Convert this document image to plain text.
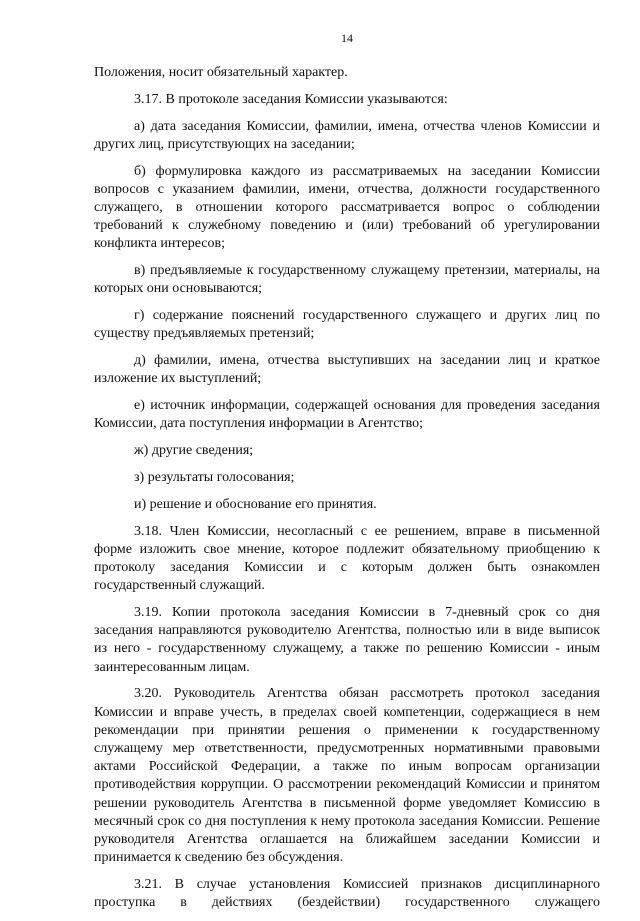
14

Положения, носит обязательный характер.

3.17. В протоколе заседания Комиссии указываются:

а) дата заседания Комиссии, фамилии, имена, отчества членов Комиссии и других лиц, присутствующих на заседании;

б) формулировка каждого из рассматриваемых на заседании Комиссии вопросов с указанием фамилии, имени, отчества, должности государственного служащего, в отношении которого рассматривается вопрос о соблюдении требований к служебному поведению и (или) требований об урегулировании конфликта интересов;

в) предъявляемые к государственному служащему претензии, материалы, на которых они основываются;

г) содержание пояснений государственного служащего и других лиц по существу предъявляемых претензий;

д) фамилии, имена, отчества выступивших на заседании лиц и краткое изложение их выступлений;

е) источник информации, содержащей основания для проведения заседания Комиссии, дата поступления информации в Агентство;

ж) другие сведения;

з) результаты голосования;

и) решение и обоснование его принятия.

3.18. Член Комиссии, несогласный с ее решением, вправе в письменной форме изложить свое мнение, которое подлежит обязательному приобщению к протоколу заседания Комиссии и с которым должен быть ознакомлен государственный служащий.

3.19. Копии протокола заседания Комиссии в 7-дневный срок со дня заседания направляются руководителю Агентства, полностью или в виде выписок из него - государственному служащему, а также по решению Комиссии - иным заинтересованным лицам.

3.20. Руководитель Агентства обязан рассмотреть протокол заседания Комиссии и вправе учесть, в пределах своей компетенции, содержащиеся в нем рекомендации при принятии решения о применении к государственному служащему мер ответственности, предусмотренных нормативными правовыми актами Российской Федерации, а также по иным вопросам организации противодействия коррупции. О рассмотрении рекомендаций Комиссии и принятом решении руководитель Агентства в письменной форме уведомляет Комиссию в месячный срок со дня поступления к нему протокола заседания Комиссии. Решение руководителя Агентства оглашается на ближайшем заседании Комиссии и принимается к сведению без обсуждения.

3.21. В случае установления Комиссией признаков дисциплинарного проступка в действиях (бездействии) государственного служащего
